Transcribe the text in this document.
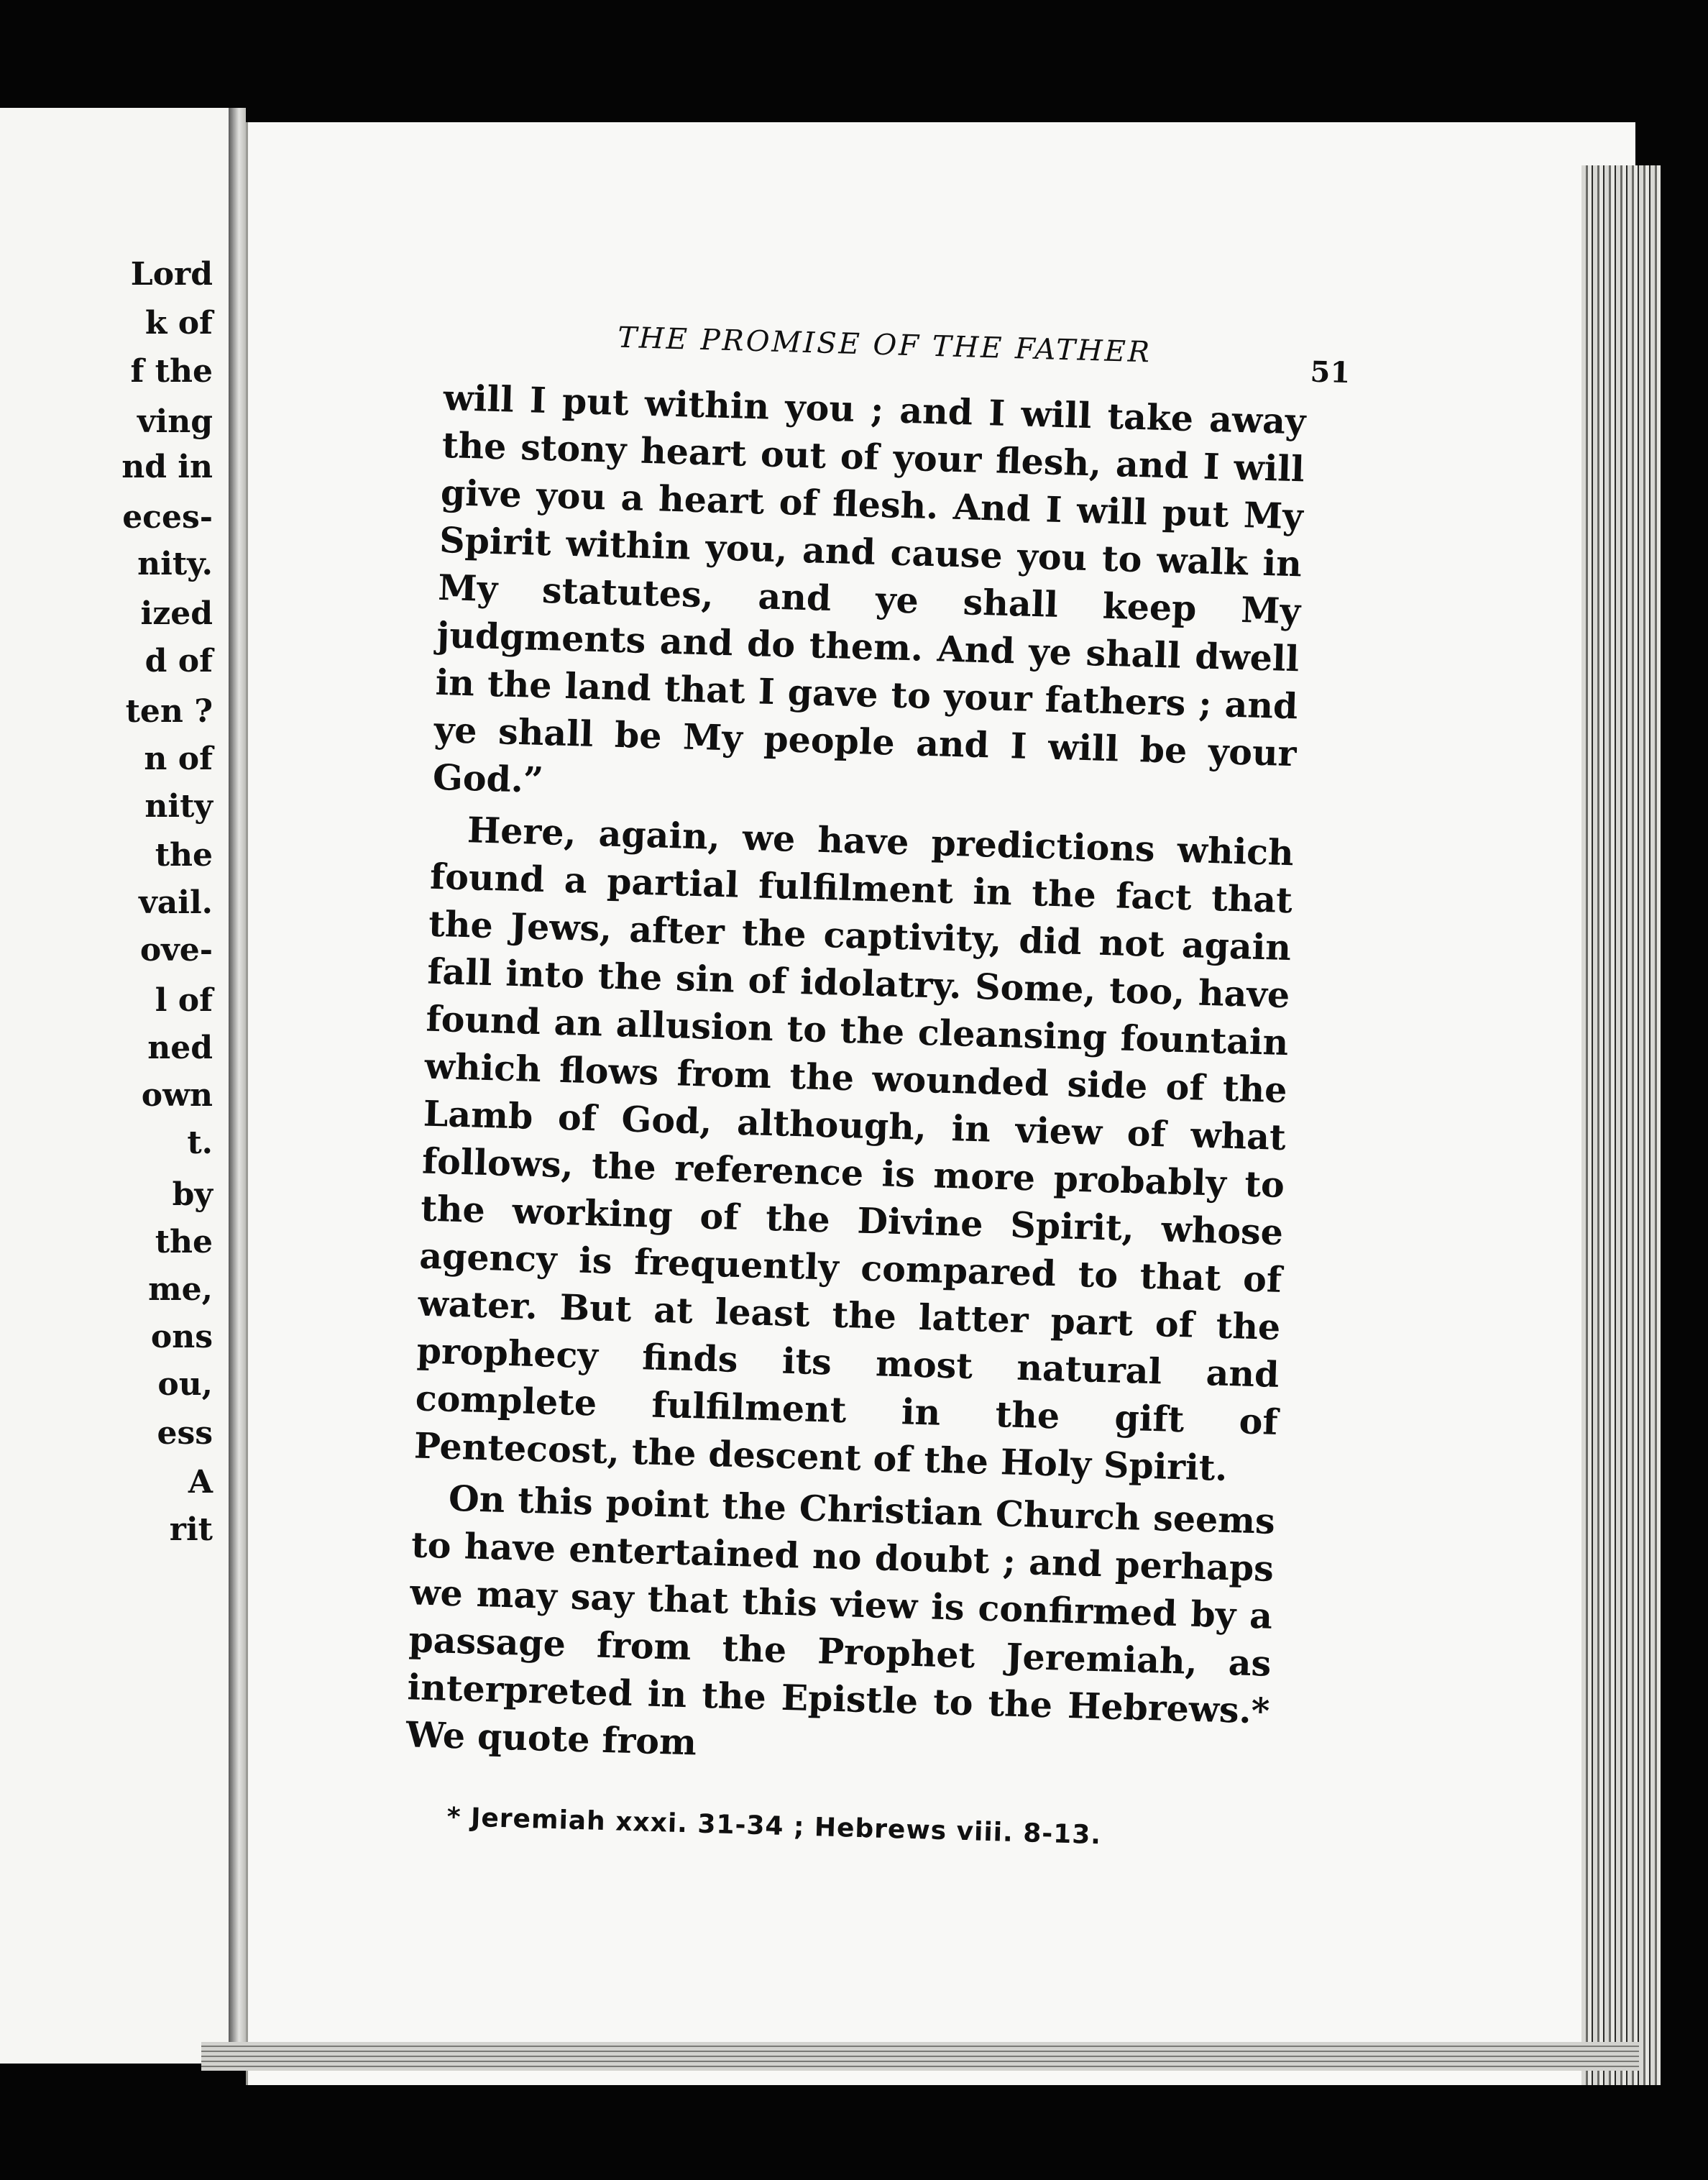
Lord
k of
f the
ving
nd in
eces-
nity.
ized
d of
ten ?
n of
nity
the
vail.
ove-
l of
ned
own
t.
by
the
me,
ons
ou,
ess
A
rit
THE PROMISE OF THE FATHER
51

will I put within you ; and I will take away the stony heart out of your flesh, and I will give you a heart of flesh. And I will put My Spirit within you, and cause you to walk in My statutes, and ye shall keep My judgments and do them. And ye shall dwell in the land that I gave to your fathers ; and ye shall be My people and I will be your God.”

Here, again, we have predictions which found a partial fulfilment in the fact that the Jews, after the captivity, did not again fall into the sin of idolatry. Some, too, have found an allusion to the cleansing fountain which flows from the wounded side of the Lamb of God, although, in view of what follows, the reference is more probably to the working of the Divine Spirit, whose agency is frequently compared to that of water. But at least the latter part of the prophecy finds its most natural and complete fulfilment in the gift of Pentecost, the descent of the Holy Spirit.

On this point the Christian Church seems to have entertained no doubt ; and perhaps we may say that this view is confirmed by a passage from the Prophet Jeremiah, as interpreted in the Epistle to the Hebrews.* We quote from

* Jeremiah xxxi. 31-34 ; Hebrews viii. 8-13.
